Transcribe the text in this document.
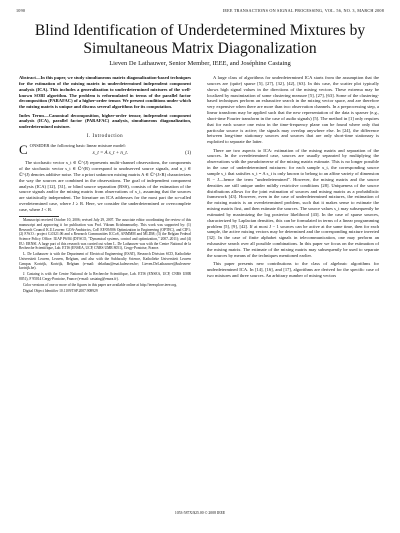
1090	IEEE TRANSACTIONS ON SIGNAL PROCESSING, VOL. 56, NO. 3, MARCH 2008
Blind Identification of Underdetermined Mixtures by
Simultaneous Matrix Diagonalization
Lieven De Lathauwer, Senior Member, IEEE, and Joséphine Castaing

Abstract—In this paper, we study simultaneous matrix diagonalization-based techniques for the estimation of the mixing matrix in underdetermined independent component analysis (ICA). This includes a generalization to underdetermined mixtures of the well-known SOBI algorithm. The problem is reformulated in terms of the parallel factor decomposition (PARAFAC) of a higher-order tensor. We present conditions under which the mixing matrix is unique and discuss several algorithms for its computation.

Index Terms—Canonical decomposition, higher-order tensor, independent component analysis (ICA), parallel factor (PARAFAC) analysis, simultaneous diagonalization, underdetermined mixture.

I. Introduction

C ONSIDER the following basic linear mixture model:

x_t = A s_t + n_t.	(1)

The stochastic vector x_t ∈ ℂ^(J) represents multi-channel observations, the components of the stochastic vector s_t ∈ ℂ^(R) correspond to unobserved source signals, and n_t ∈ ℂ^(J) denotes additive noise. The a priori unknown mixing matrix A ∈ ℂ^(J×R) characterizes the way the sources are combined in the observations. The goal of independent component analysis (ICA) [12], [31], or blind source separation (BSS), consists of the estimation of the source signals and/or the mixing matrix from observations of x_t, assuming that the sources are statistically independent. The literature on ICA addresses for the most part the so-called overdetermined case, where J ≥ R. Here, we consider the underdetermined or overcomplete case, where J < R.

Manuscript received October 10, 2006; revised July 29, 2007. The associate editor coordinating the review of this manuscript and approving it for publication was Prof. Vikram Krishnamurthy. This work was supported by: (1) Research Council K.U.Leuven: GOA-Ambiorics, CoE EF/05/006 Optimization in Engineering (OPTEC), and CIF1; (2) F.W.O.: project G.0321.06 and a Research Communities ICCoS, ANMMM and MLDM; (3) the Belgian Federal Science Policy Office: IUAP P6/04 (DYSCO, "Dynamical systems, control and optimization," 2007–2011); and (4) EU: ERNSI. A large part of this research was carried out when L. De Lathauwer was with the Centre National de la Recherche Scientifique, Lab. ETIS (ENSEA, UCP, CNRS UMR 8051), Cergy-Pontoise, France.

L. De Lathauwer is with the Department of Electrical Engineering (ESAT), Research Division SCD, Katholieke Universiteit Leuven, Leuven, Belgium, and also with the Subfaculty Science, Katholieke Universiteit Leuven Campus Kortrijk, Kortrijk, Belgium (e-mail: delathau@esat.kuleuven.be; Lieven.DeLathauwer@kuleuven-kortrijk.be).

J. Castaing is with the Centre National de la Recherche Scientifique, Lab. ETIS (ENSEA, UCP, CNRS UMR 8051), F 95014 Cergy-Pontoise, France (e-mail: castaing@ensea.fr).

Color versions of one or more of the figures in this paper are available online at http://ieeexplore.ieee.org.

Digital Object Identifier 10.1109/TSP.2007.908929

A large class of algorithms for underdetermined ICA starts from the assumption that the sources are (quite) sparse [5], [27], [32], [42], [63]. In this case, the scatter plot typically shows high signal values in the directions of the mixing vectors. These extrema may be localized by maximization of some clustering measure [5], [27], [63]. Some of the clustering-based techniques perform an exhaustive search in the mixing vector space, and are therefore very expensive when there are more than two observation channels. In a preprocessing step, a linear transform may be applied such that the new representation of the data is sparser (e.g., short-time Fourier transform in the case of audio signals) [5]. The method in [1] only requires that for each source one extra in the time-frequency plane can be found where only that particular source is active; the signals may overlap anywhere else. In [24], the difference between long-time stationary sources and sources that are only short-time stationary is exploited to separate the latter.

There are two aspects to ICA: estimation of the mixing matrix and separation of the sources. In the overdetermined case, sources are usually separated by multiplying the observations with the pseudoinverse of the mixing matrix estimate. This is no longer possible in the case of underdetermined mixtures: for each sample x_t, the corresponding source sample s_t that satisfies x_t = A s_t is only known to belong to an affine variety of dimension R − J—hence the term "underdetermined". However, the mixing matrix and the source densities are still unique under mildly restrictive conditions [28]. Uniqueness of the source distributions allows for the joint estimation of sources and mixing matrix as a probabilistic framework [43]. However, even in the case of underdetermined mixtures, the estimation of the mixing matrix is an overdetermined problem, such that it makes sense to estimate the mixing matrix first, and then estimate the sources. The source values s_t may subsequently be estimated by maximizing the log posterior likelihood [43]. In the case of sparse sources, characterized by Laplacian densities, this can be formulated in terms of a linear programming problem [5], [9], [42]. If at most J − 1 sources can be active at the same time, then for each sample, the active mixing vectors may be determined and the corresponding mixture inverted [32]. In the case of finite alphabet signals in telecommunication, one may perform an exhaustive search over all possible combinations. In this paper we focus on the estimation of the mixing matrix. The estimate of the mixing matrix may subsequently be used to separate the sources by means of the techniques mentioned earlier.

This paper presents new contributions to the class of algebraic algorithms for underdetermined ICA. In [14], [16], and [17], algorithms are derived for the specific case of two mixtures and three sources. An arbitrary number of mixing vectors

1053-587X/$25.00 © 2008 IEEE
